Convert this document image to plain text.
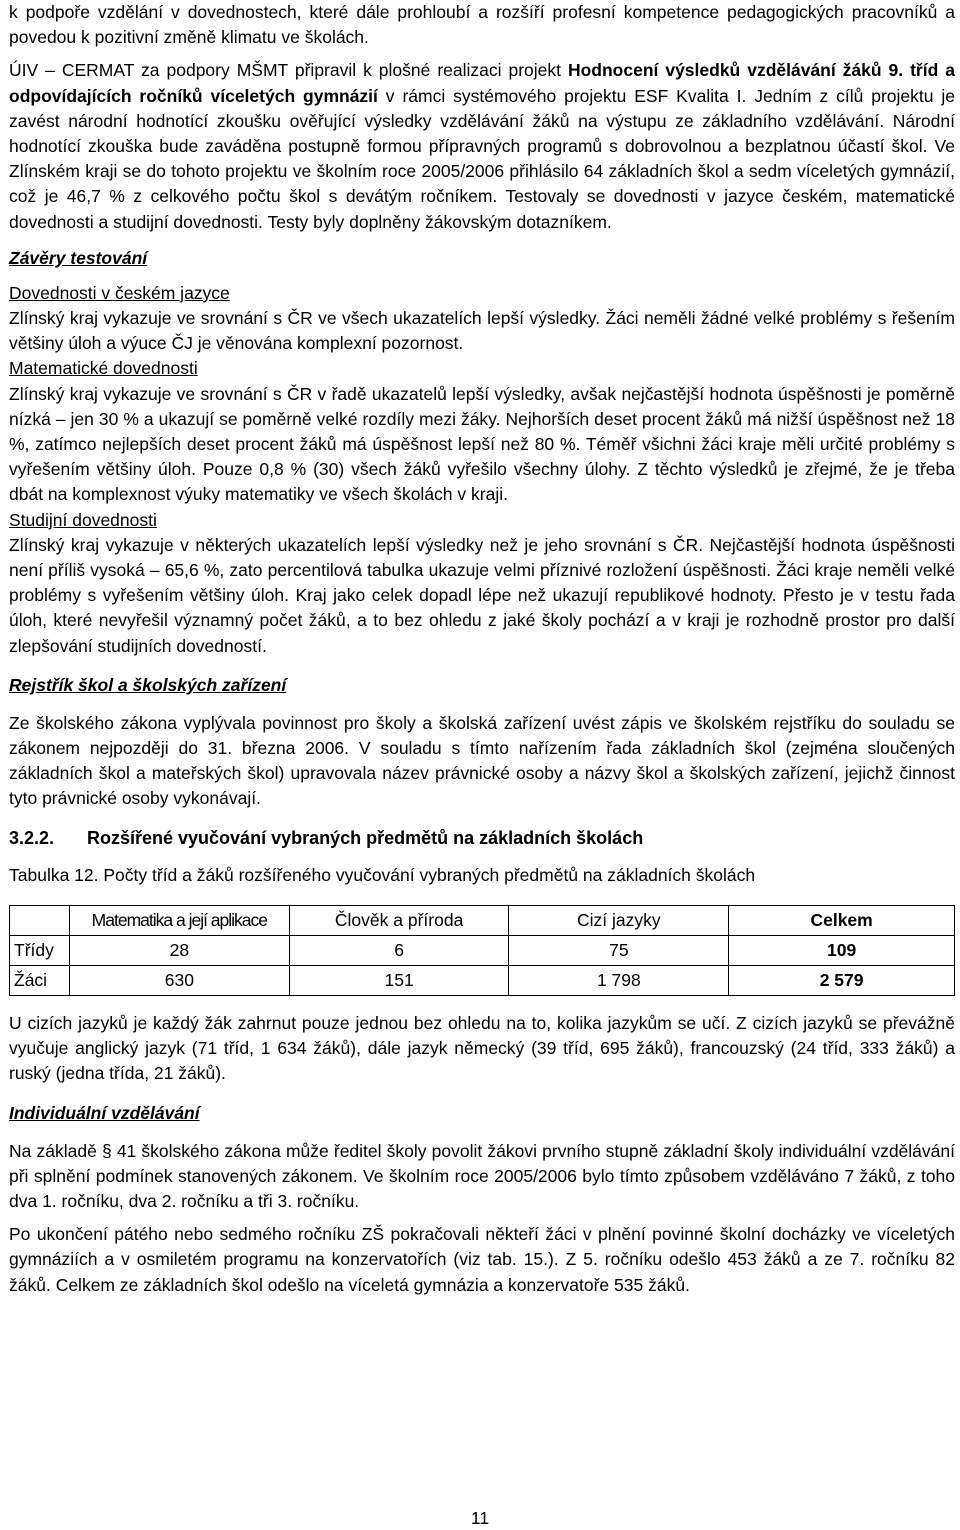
k podpoře vzdělání v dovednostech, které dále prohloubí a rozšíří profesní kompetence pedagogických pracovníků a povedou k pozitivní změně klimatu ve školách.

ÚIV – CERMAT za podpory MŠMT připravil k plošné realizaci projekt Hodnocení výsledků vzdělávání žáků 9. tříd a odpovídajících ročníků víceletých gymnázií v rámci systémového projektu ESF Kvalita I. Jedním z cílů projektu je zavést národní hodnotící zkoušku ověřující výsledky vzdělávání žáků na výstupu ze základního vzdělávání. Národní hodnotící zkouška bude zaváděna postupně formou přípravných programů s dobrovolnou a bezplatnou účastí škol. Ve Zlínském kraji se do tohoto projektu ve školním roce 2005/2006 přihlásilo 64 základních škol a sedm víceletých gymnázií, což je 46,7 % z celkového počtu škol s devátým ročníkem. Testovaly se dovednosti v jazyce českém, matematické dovednosti a studijní dovednosti. Testy byly doplněny žákovským dotazníkem.

Závěry testování

Dovednosti v českém jazyce

Zlínský kraj vykazuje ve srovnání s ČR ve všech ukazatelích lepší výsledky. Žáci neměli žádné velké problémy s řešením většiny úloh a výuce ČJ je věnována komplexní pozornost.

Matematické dovednosti

Zlínský kraj vykazuje ve srovnání s ČR v řadě ukazatelů lepší výsledky, avšak nejčastější hodnota úspěšnosti je poměrně nízká – jen 30 % a ukazují se poměrně velké rozdíly mezi žáky. Nejhorších deset procent žáků má nižší úspěšnost než 18 %, zatímco nejlepších deset procent žáků má úspěšnost lepší než 80 %. Téměř všichni žáci kraje měli určité problémy s vyřešením většiny úloh. Pouze 0,8 % (30) všech žáků vyřešilo všechny úlohy. Z těchto výsledků je zřejmé, že je třeba dbát na komplexnost výuky matematiky ve všech školách v kraji.

Studijní dovednosti

Zlínský kraj vykazuje v některých ukazatelích lepší výsledky než je jeho srovnání s ČR. Nejčastější hodnota úspěšnosti není příliš vysoká – 65,6 %, zato percentilová tabulka ukazuje velmi příznivé rozložení úspěšnosti. Žáci kraje neměli velké problémy s vyřešením většiny úloh. Kraj jako celek dopadl lépe než ukazují republikové hodnoty. Přesto je v testu řada úloh, které nevyřešil významný počet žáků, a to bez ohledu z jaké školy pochází a v kraji je rozhodně prostor pro další zlepšování studijních dovedností.

Rejstřík škol a školských zařízení

Ze školského zákona vyplývala povinnost pro školy a školská zařízení uvést zápis ve školském rejstříku do souladu se zákonem nejpozději do 31. března 2006. V souladu s tímto nařízením řada základních škol (zejména sloučených základních škol a mateřských škol) upravovala název právnické osoby a názvy škol a školských zařízení, jejichž činnost tyto právnické osoby vykonávají.

3.2.2.	Rozšířené vyučování vybraných předmětů na základních školách

Tabulka 12. Počty tříd a žáků rozšířeného vyučování vybraných předmětů na základních školách

	Matematika a její aplikace	Člověk a příroda	Cizí jazyky	Celkem
Třídy	28	6	75	109
Žáci	630	151	1 798	2 579

U cizích jazyků je každý žák zahrnut pouze jednou bez ohledu na to, kolika jazykům se učí. Z cizích jazyků se převážně vyučuje anglický jazyk (71 tříd, 1 634 žáků), dále jazyk německý (39 tříd, 695 žáků), francouzský (24 tříd, 333 žáků) a ruský (jedna třída, 21 žáků).

Individuální vzdělávání

Na základě § 41 školského zákona může ředitel školy povolit žákovi prvního stupně základní školy individuální vzdělávání při splnění podmínek stanovených zákonem. Ve školním roce 2005/2006 bylo tímto způsobem vzděláváno 7 žáků, z toho dva 1. ročníku, dva 2. ročníku a tři 3. ročníku.

Po ukončení pátého nebo sedmého ročníku ZŠ pokračovali někteří žáci v plnění povinné školní docházky ve víceletých gymnáziích a v osmiletém programu na konzervatořích (viz tab. 15.). Z 5. ročníku odešlo 453 žáků a ze 7. ročníku 82 žáků. Celkem ze základních škol odešlo na víceletá gymnázia a konzervatoře 535 žáků.

11
